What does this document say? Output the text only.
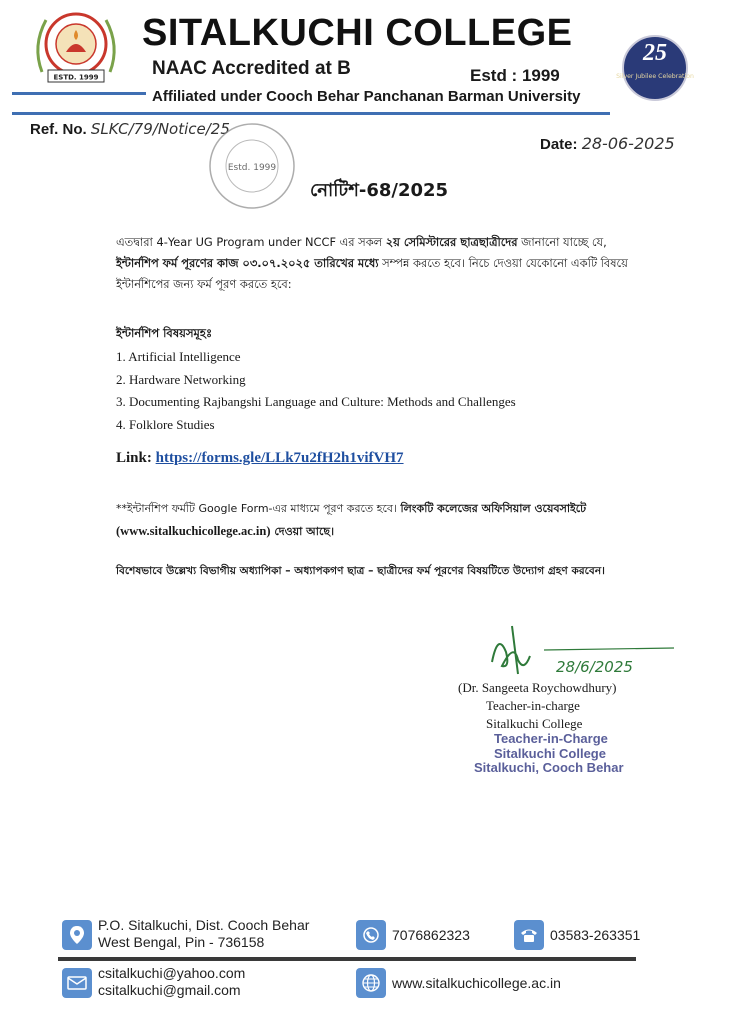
ESTD. 1999
SITALKUCHI COLLEGE
NAAC Accredited at B	Estd : 1999
Affiliated under Cooch Behar Panchanan Barman University
25
Silver Jubilee Celebration
Ref. No. SLKC/79/Notice/25
Date: 28-06-2025
Estd. 1999
নোটিশ-68/2025
এতদ্বারা 4-Year UG Program under NCCF এর সকল ২য় সেমিস্টারের ছাত্রছাত্রীদের জানানো যাচ্ছে যে, ইন্টার্নশিপ ফর্ম পূরণের কাজ ০৩.০৭.২০২৫ তারিখের মধ্যে সম্পন্ন করতে হবে। নিচে দেওয়া যেকোনো একটি বিষয়ে ইন্টার্নশিপের জন্য ফর্ম পূরণ করতে হবে:
ইন্টার্নশিপ বিষয়সমূহঃ
1. Artificial Intelligence
2. Hardware Networking
3. Documenting Rajbangshi Language and Culture: Methods and Challenges
4. Folklore Studies
Link: https://forms.gle/LLk7u2fH2h1vifVH7
**ইন্টার্নশিপ ফর্মটি Google Form-এর মাধ্যমে পূরণ করতে হবে। লিংকটি কলেজের অফিসিয়াল ওয়েবসাইটে
(www.sitalkuchicollege.ac.in) দেওয়া আছে।
বিশেষভাবে উল্লেখ্য বিভাগীয় অধ্যাপিকা – অধ্যাপকগণ ছাত্র – ছাত্রীদের ফর্ম পূরণের বিষয়টিতে উদ্যোগ গ্রহণ করবেন।
28/6/2025
(Dr. Sangeeta Roychowdhury)
Teacher-in-charge
Sitalkuchi College
Teacher-in-Charge
Sitalkuchi College
Sitalkuchi, Cooch Behar
P.O. Sitalkuchi, Dist. Cooch Behar
West Bengal, Pin - 736158	7076862323	03583-263351
csitalkuchi@yahoo.com
csitalkuchi@gmail.com	www.sitalkuchicollege.ac.in
